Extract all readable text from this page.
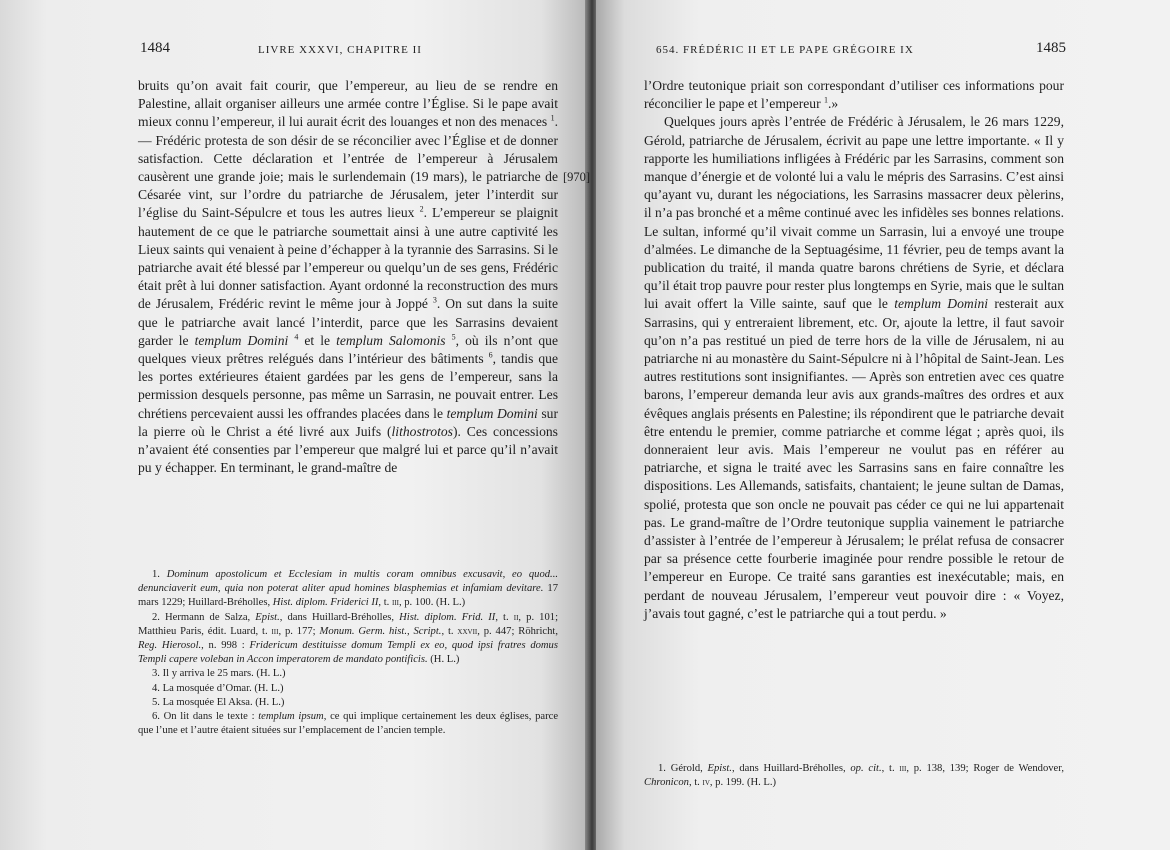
1484	LIVRE XXXVI, CHAPITRE II

bruits qu’on avait fait courir, que l’empereur, au lieu de se rendre en Palestine, allait organiser ailleurs une armée contre l’Église. Si le pape avait mieux connu l’empereur, il lui aurait écrit des louanges et non des menaces $^1$. — Frédéric protesta de son désir de se réconcilier avec l’Église et de donner satisfaction. Cette déclaration et l’entrée de l’empereur à Jérusalem causèrent une grande joie; mais le surlendemain (19 mars), le patriarche de Césarée vint, sur l’ordre du patriarche de Jérusalem, jeter l’interdit sur l’église du Saint-Sépulcre et tous les autres lieux $^2$. L’empereur se plaignit hautement de ce que le patriarche soumettait ainsi à une autre captivité les Lieux saints qui venaient à peine d’échapper à la tyrannie des Sarrasins. Si le patriarche avait été blessé par l’empereur ou quelqu’un de ses gens, Frédéric était prêt à lui donner satisfaction. Ayant ordonné la reconstruction des murs de Jérusalem, Frédéric revint le même jour à Joppé $^3$. On sut dans la suite que le patriarche avait lancé l’interdit, parce que les Sarrasins devaient garder le templum Domini $^4$ et le templum Salomonis $^5$, où ils n’ont que quelques vieux prêtres relégués dans l’intérieur des bâtiments $^6$, tandis que les portes extérieures étaient gardées par les gens de l’empereur, sans la permission desquels personne, pas même un Sarrasin, ne pouvait entrer. Les chrétiens percevaient aussi les offrandes placées dans le templum Domini sur la pierre où le Christ a été livré aux Juifs (lithostrotos). Ces concessions n’avaient été consenties par l’empereur que malgré lui et parce qu’il n’avait pu y échapper. En terminant, le grand-maître de

1. Dominum apostolicum et Ecclesiam in multis coram omnibus excusavit, eo quod... denunciaverit eum, quia non poterat aliter apud homines blasphemias et infamiam devitare. 17 mars 1229; Huillard-Bréholles, Hist. diplom. Friderici II, t. iii, p. 100. (H. L.)

2. Hermann de Salza, Epist., dans Huillard-Bréholles, Hist. diplom. Frid. II, t. ii, p. 101; Matthieu Paris, édit. Luard, t. iii, p. 177; Monum. Germ. hist., Script., t. xxvii, p. 447; Röhricht, Reg. Hierosol., n. 998 : Fridericum destituisse domum Templi ex eo, quod ipsi fratres domus Templi capere voleban in Accon imperatorem de mandato pontificis. (H. L.)

3. Il y arriva le 25 mars. (H. L.)

4. La mosquée d’Omar. (H. L.)

5. La mosquée El Aksa. (H. L.)

6. On lit dans le texte : templum ipsum, ce qui implique certainement les deux églises, parce que l’une et l’autre étaient situées sur l’emplacement de l’ancien temple.

[970]
654. FRÉDÉRIC II ET LE PAPE GRÉGOIRE IX	1485

l’Ordre teutonique priait son correspondant d’utiliser ces informations pour réconcilier le pape et l’empereur $^1$.»

Quelques jours après l’entrée de Frédéric à Jérusalem, le 26 mars 1229, Gérold, patriarche de Jérusalem, écrivit au pape une lettre importante. « Il y rapporte les humiliations infligées à Frédéric par les Sarrasins, comment son manque d’énergie et de volonté lui a valu le mépris des Sarrasins. C’est ainsi qu’ayant vu, durant les négociations, les Sarrasins massacrer deux pèlerins, il n’a pas bronché et a même continué avec les infidèles ses bonnes relations. Le sultan, informé qu’il vivait comme un Sarrasin, lui a envoyé une troupe d’almées. Le dimanche de la Septuagésime, 11 février, peu de temps avant la publication du traité, il manda quatre barons chrétiens de Syrie, et déclara qu’il était trop pauvre pour rester plus longtemps en Syrie, mais que le sultan lui avait offert la Ville sainte, sauf que le templum Domini resterait aux Sarrasins, qui y entreraient librement, etc. Or, ajoute la lettre, il faut savoir qu’on n’a pas restitué un pied de terre hors de la ville de Jérusalem, ni au patriarche ni au monastère du Saint-Sépulcre ni à l’hôpital de Saint-Jean. Les autres restitutions sont insignifiantes. — Après son entretien avec ces quatre barons, l’empereur demanda leur avis aux grands-maîtres des ordres et aux évêques anglais présents en Palestine; ils répondirent que le patriarche devait être entendu le premier, comme patriarche et comme légat ; après quoi, ils donneraient leur avis. Mais l’empereur ne voulut pas en référer au patriarche, et signa le traité avec les Sarrasins sans en faire connaître les dispositions. Les Allemands, satisfaits, chantaient; le jeune sultan de Damas, spolié, protesta que son oncle ne pouvait pas céder ce qui ne lui appartenait pas. Le grand-maître de l’Ordre teutonique supplia vainement le patriarche d’assister à l’entrée de l’empereur à Jérusalem; le prélat refusa de consacrer par sa présence cette fourberie imaginée pour rendre possible le retour de l’empereur en Europe. Ce traité sans garanties est inexécutable; mais, en perdant de nouveau Jérusalem, l’empereur veut pouvoir dire : « Voyez, j’avais tout gagné, c’est le patriarche qui a tout perdu. »

1. Gérold, Epist., dans Huillard-Bréholles, op. cit., t. iii, p. 138, 139; Roger de Wendover, Chronicon, t. iv, p. 199. (H. L.)
